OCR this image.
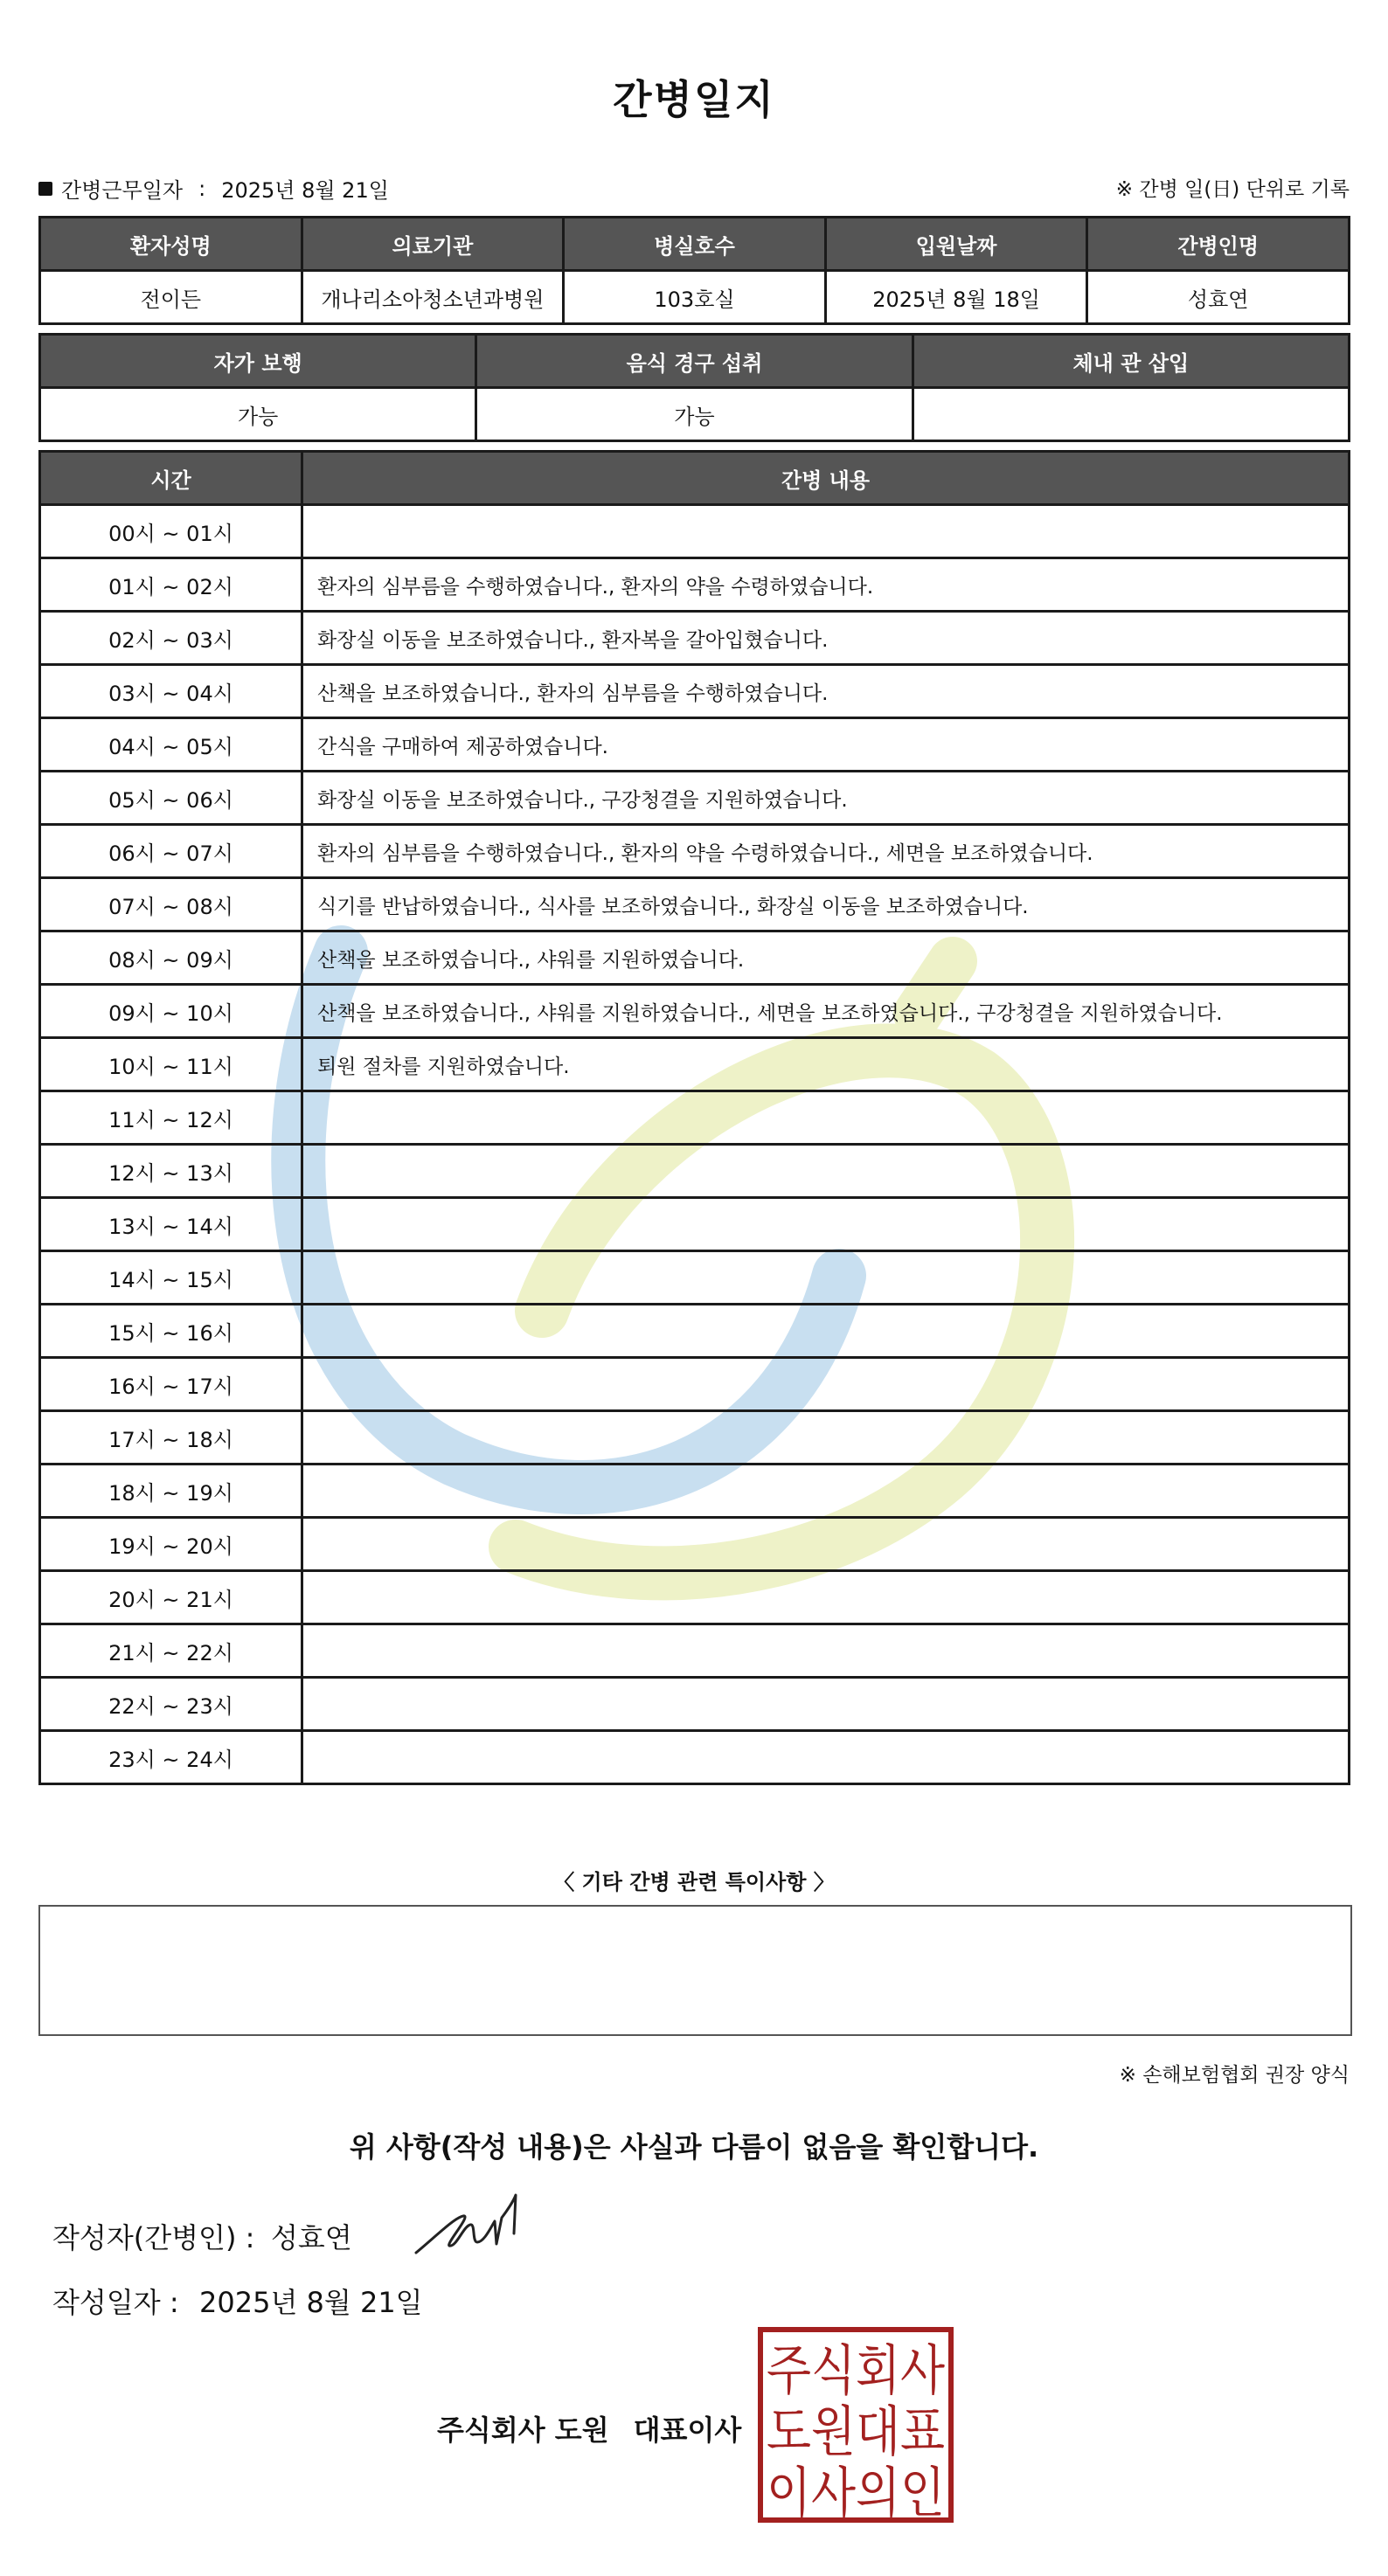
간병일지
간병근무일자 : 2025년 8월 21일	※ 간병 일(日) 단위로 기록
환자성명	의료기관	병실호수	입원날짜	간병인명
전이든	개나리소아청소년과병원	103호실	2025년 8월 18일	성효연
자가 보행	음식 경구 섭취	체내 관 삽입
가능	가능	
시간	간병 내용
00시 ~ 01시	
01시 ~ 02시	환자의 심부름을 수행하였습니다., 환자의 약을 수령하였습니다.
02시 ~ 03시	화장실 이동을 보조하였습니다., 환자복을 갈아입혔습니다.
03시 ~ 04시	산책을 보조하였습니다., 환자의 심부름을 수행하였습니다.
04시 ~ 05시	간식을 구매하여 제공하였습니다.
05시 ~ 06시	화장실 이동을 보조하였습니다., 구강청결을 지원하였습니다.
06시 ~ 07시	환자의 심부름을 수행하였습니다., 환자의 약을 수령하였습니다., 세면을 보조하였습니다.
07시 ~ 08시	식기를 반납하였습니다., 식사를 보조하였습니다., 화장실 이동을 보조하였습니다.
08시 ~ 09시	산책을 보조하였습니다., 샤워를 지원하였습니다.
09시 ~ 10시	산책을 보조하였습니다., 샤워를 지원하였습니다., 세면을 보조하였습니다., 구강청결을 지원하였습니다.
10시 ~ 11시	퇴원 절차를 지원하였습니다.
11시 ~ 12시	
12시 ~ 13시	
13시 ~ 14시	
14시 ~ 15시	
15시 ~ 16시	
16시 ~ 17시	
17시 ~ 18시	
18시 ~ 19시	
19시 ~ 20시	
20시 ~ 21시	
21시 ~ 22시	
22시 ~ 23시	
23시 ~ 24시	
〈 기타 간병 관련 특이사항 〉
※ 손해보험협회 권장 양식
위 사항(작성 내용)은 사실과 다름이 없음을 확인합니다.
작성자(간병인) : 성효연
작성일자 : 2025년 8월 21일
주식회사 도원 대표이사
주식회사
도원대표
이사의인
